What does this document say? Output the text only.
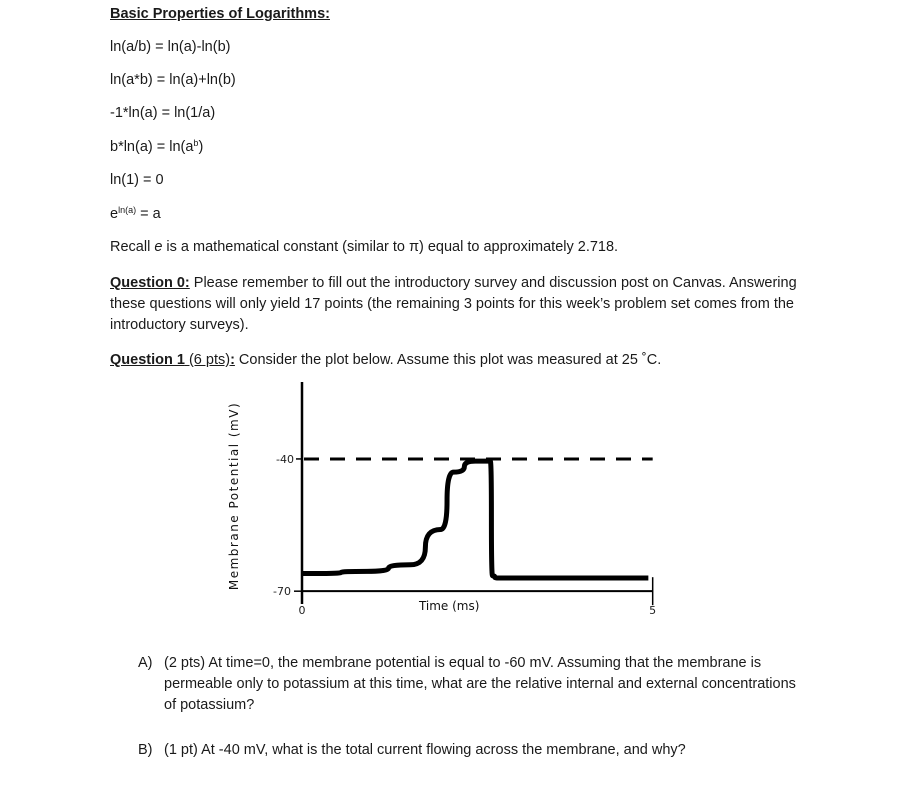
Basic Properties of Logarithms:
ln(a/b) = ln(a)-ln(b)
ln(a*b) = ln(a)+ln(b)
-1*ln(a) = ln(1/a)
$b*\ln(a) = \ln(a^b)$
ln(1) = 0
$e^{ln(a)} = a$
Recall e is a mathematical constant (similar to π) equal to approximately 2.718.
Question 0: Please remember to fill out the introductory survey and discussion post on Canvas. Answering these questions will only yield 17 points (the remaining 3 points for this week’s problem set comes from the introductory surveys).
Question 1 (6 pts): Consider the plot below. Assume this plot was measured at 25 ˚C.
Membrane Potential (mV)	-40
-70
0	5
Time (ms)
A) (2 pts) At time=0, the membrane potential is equal to -60 mV. Assuming that the membrane is permeable only to potassium at this time, what are the relative internal and external concentrations of potassium?
B) (1 pt) At -40 mV, what is the total current flowing across the membrane, and why?
